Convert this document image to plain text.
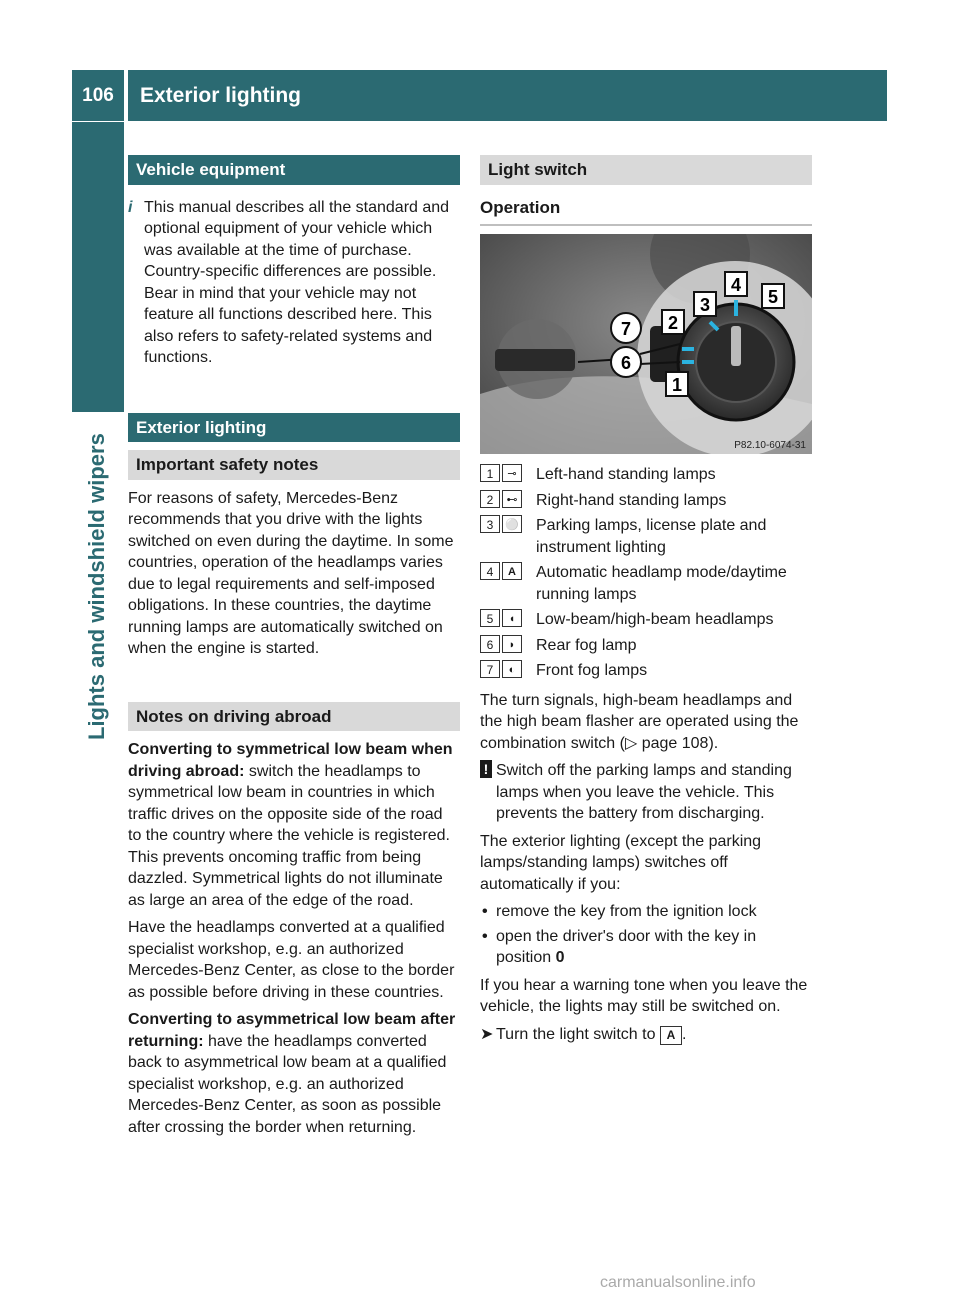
106	Exterior lighting
Lights and windshield wipers
Vehicle equipment

i This manual describes all the standard and optional equipment of your vehicle which was available at the time of purchase. Country-specific differences are possible. Bear in mind that your vehicle may not feature all functions described here. This also refers to safety-related systems and functions.

Exterior lighting
Important safety notes

For reasons of safety, Mercedes-Benz recommends that you drive with the lights switched on even during the daytime. In some countries, operation of the headlamps varies due to legal requirements and self-imposed obligations. In these countries, the daytime running lamps are automatically switched on when the engine is started.

Notes on driving abroad

Converting to symmetrical low beam when driving abroad: switch the headlamps to symmetrical low beam in countries in which traffic drives on the opposite side of the road to the country where the vehicle is registered. This prevents oncoming traffic from being dazzled. Symmetrical lights do not illuminate as large an area of the edge of the road.

Have the headlamps converted at a qualified specialist workshop, e.g. an authorized Mercedes-Benz Center, as close to the border as possible before driving in these countries.

Converting to asymmetrical low beam after returning: have the headlamps converted back to asymmetrical low beam at a qualified specialist workshop, e.g. an authorized Mercedes-Benz Center, as soon as possible after crossing the border when returning.

Light switch
Operation
P82.10-6074-31
7
6
2
3
4
5
1
1	⊸	Left-hand standing lamps
2	⊷ Right-hand standing lamps
3	⚪ Parking lamps, license plate and instrument lighting
4	A	Automatic headlamp mode/daytime running lamps
5	◖	Low-beam/high-beam headlamps
6	◗	Rear fog lamp
7	◐	Front fog lamps

The turn signals, high-beam headlamps and the high beam flasher are operated using the combination switch (▷ page 108).

! Switch off the parking lamps and standing lamps when you leave the vehicle. This prevents the battery from discharging.

The exterior lighting (except the parking lamps/standing lamps) switches off automatically if you:

• remove the key from the ignition lock
• open the driver's door with the key in position 0

If you hear a warning tone when you leave the vehicle, the lights may still be switched on.

➤ Turn the light switch to A .

carmanualsonline.info
